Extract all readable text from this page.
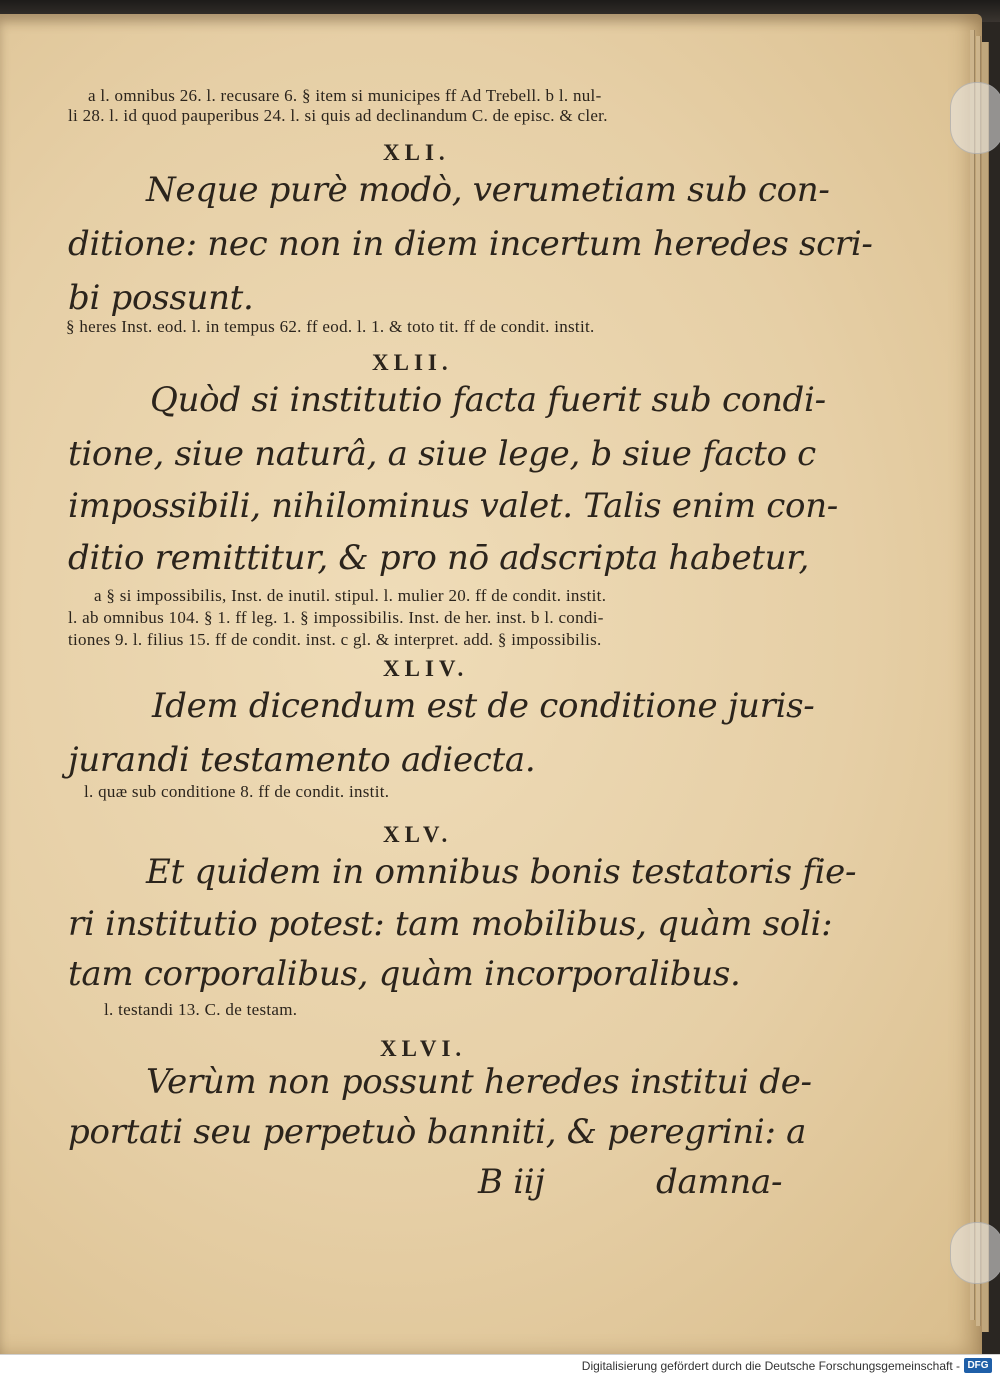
a l. omnibus 26. l. recusare 6. § item si municipes ff Ad Trebell. b l. nul-

li 28. l. id quod pauperibus 24. l. si quis ad declinandum C. de episc. & cler.

XLI.

Neque purè modò, verumetiam sub con-

ditione: nec non in diem incertum heredes scri-

bi possunt.

§ heres Inst. eod. l. in tempus 62. ff eod. l. 1. & toto tit. ff de condit. instit.

XLII.

Quòd si institutio facta fuerit sub condi-

tione, siue naturâ, a siue lege, b siue facto c

impossibili, nihilominus valet. Talis enim con-

ditio remittitur, & pro nō adscripta habetur,

a § si impossibilis, Inst. de inutil. stipul. l. mulier 20. ff de condit. instit.

l. ab omnibus 104. § 1. ff leg. 1. § impossibilis. Inst. de her. inst. b l. condi-

tiones 9. l. filius 15. ff de condit. inst. c gl. & interpret. add. § impossibilis.

XLIV.

Idem dicendum est de conditione juris-

jurandi testamento adiecta.

l. quæ sub conditione 8. ff de condit. instit.

XLV.

Et quidem in omnibus bonis testatoris fie-

ri institutio potest: tam mobilibus, quàm soli:

tam corporalibus, quàm incorporalibus.

l. testandi 13. C. de testam.

XLVI.

Verùm non possunt heredes institui de-

portati seu perpetuò banniti, & peregrini: a

B iij	damna-

Digitalisierung gefördert durch die Deutsche Forschungsgemeinschaft - DFG
